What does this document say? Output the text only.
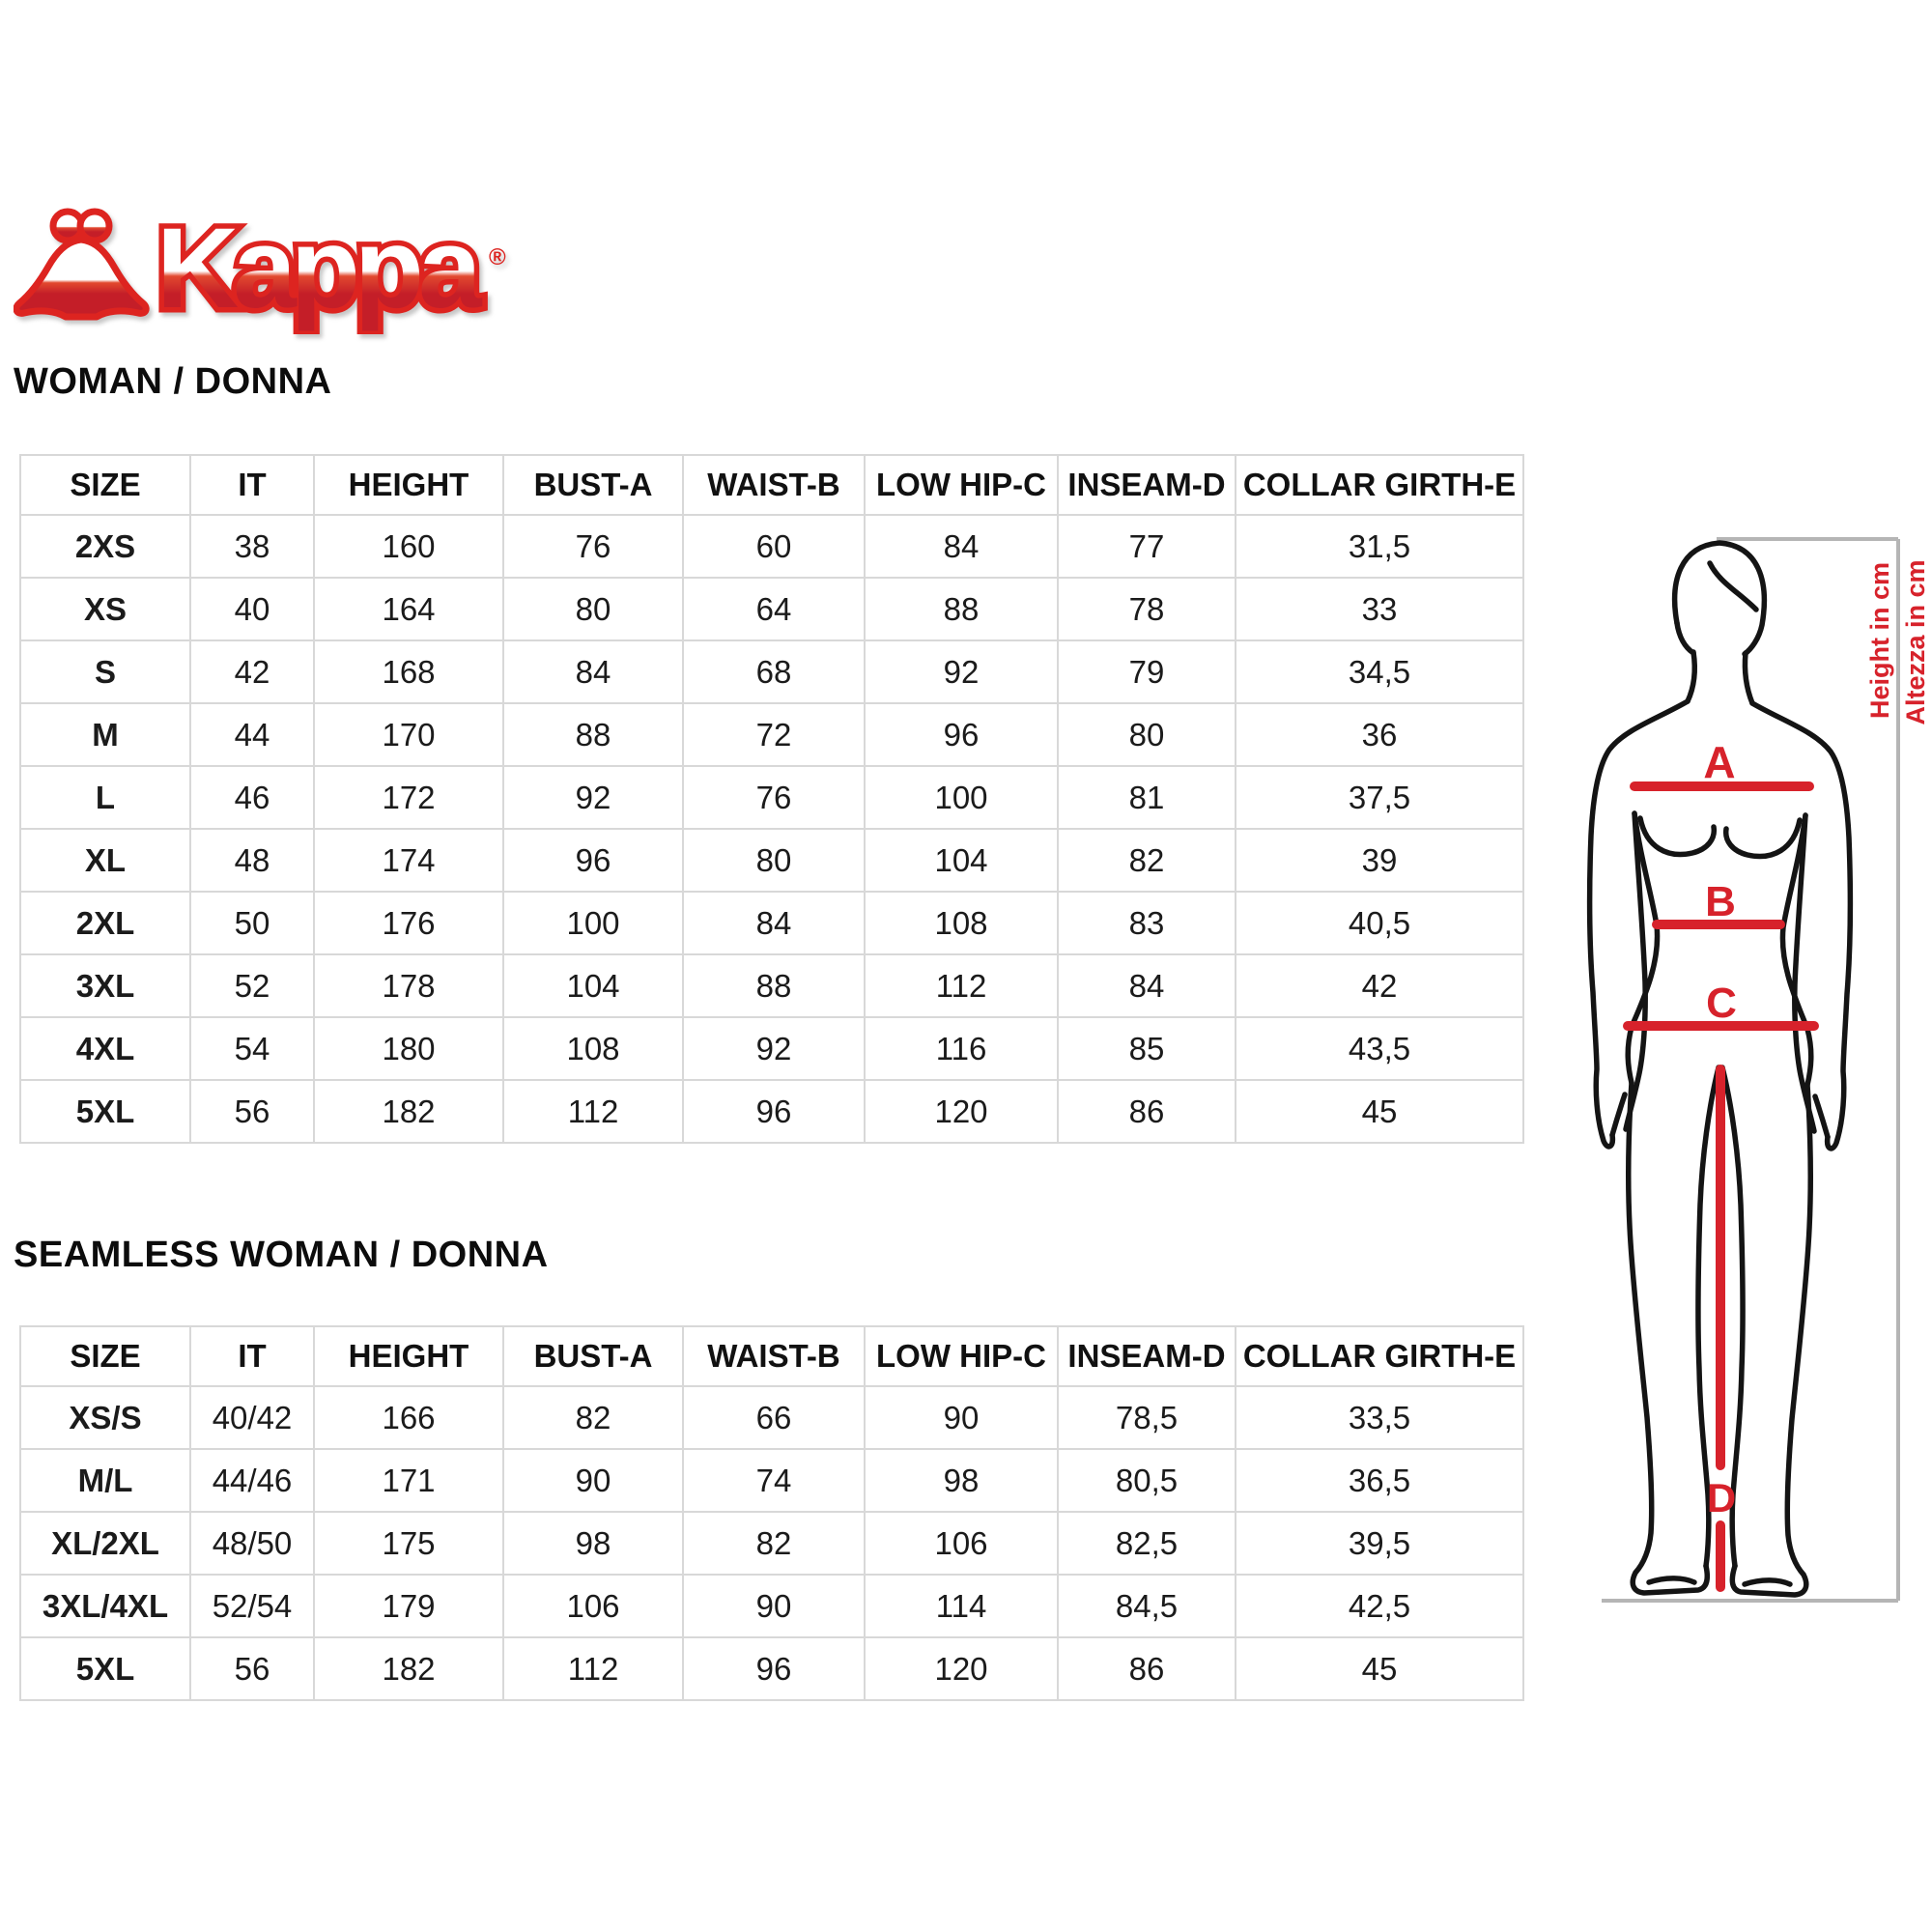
Kappa ®
WOMAN / DONNA
SIZE	IT	HEIGHT	BUST-A	WAIST-B	LOW HIP-C	INSEAM-D	COLLAR GIRTH-E
2XS	38	160	76	60	84	77	31,5
XS	40	164	80	64	88	78	33
S	42	168	84	68	92	79	34,5
M	44	170	88	72	96	80	36
L	46	172	92	76	100	81	37,5
XL	48	174	96	80	104	82	39
2XL	50	176	100	84	108	83	40,5
3XL	52	178	104	88	112	84	42
4XL	54	180	108	92	116	85	43,5
5XL	56	182	112	96	120	86	45
SEAMLESS WOMAN / DONNA
SIZE	IT	HEIGHT	BUST-A	WAIST-B	LOW HIP-C	INSEAM-D	COLLAR GIRTH-E
XS/S	40/42	166	82	66	90	78,5	33,5
M/L	44/46	171	90	74	98	80,5	36,5
XL/2XL	48/50	175	98	82	106	82,5	39,5
3XL/4XL	52/54	179	106	90	114	84,5	42,5
5XL	56	182	112	96	120	86	45
Height in cm Altezza in cm
A
B
C
D
